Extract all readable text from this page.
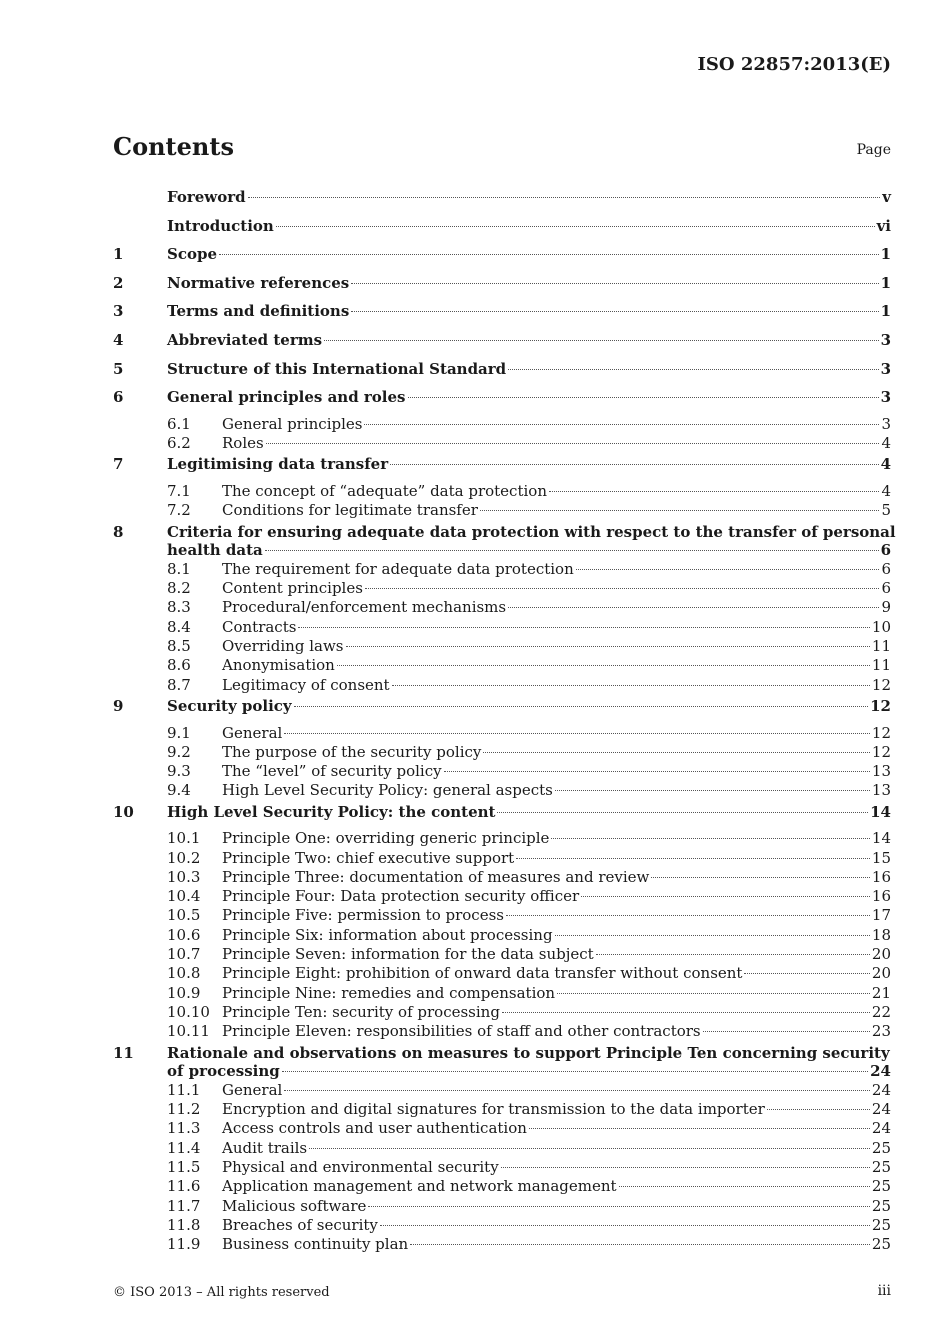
ISO 22857:2013(E)
Contents	Page
Foreword	v
Introduction	vi
1	Scope	1
2	Normative references	1
3	Terms and definitions	1
4	Abbreviated terms	3
5	Structure of this International Standard	3
6	General principles and roles	3
6.1	General principles	3
6.2	Roles	4
7	Legitimising data transfer	4
7.1	The concept of “adequate” data protection	4
7.2	Conditions for legitimate transfer	5
8	Criteria for ensuring adequate data protection with respect to the transfer of personal
health data	6
8.1	The requirement for adequate data protection	6
8.2	Content principles	6
8.3	Procedural/enforcement mechanisms	9
8.4	Contracts	10
8.5	Overriding laws	11
8.6	Anonymisation	11
8.7	Legitimacy of consent	12
9	Security policy	12
9.1	General	12
9.2	The purpose of the security policy	12
9.3	The “level” of security policy	13
9.4	High Level Security Policy: general aspects	13
10	High Level Security Policy: the content	14
10.1	Principle One: overriding generic principle	14
10.2	Principle Two: chief executive support	15
10.3	Principle Three: documentation of measures and review	16
10.4	Principle Four: Data protection security officer	16
10.5	Principle Five: permission to process	17
10.6	Principle Six: information about processing	18
10.7	Principle Seven: information for the data subject	20
10.8	Principle Eight: prohibition of onward data transfer without consent	20
10.9	Principle Nine: remedies and compensation	21
10.10 Principle Ten: security of processing	22
10.11 Principle Eleven: responsibilities of staff and other contractors	23
11	Rationale and observations on measures to support Principle Ten concerning security
of processing	24
11.1	General	24
11.2	Encryption and digital signatures for transmission to the data importer	24
11.3	Access controls and user authentication	24
11.4	Audit trails	25
11.5	Physical and environmental security	25
11.6	Application management and network management	25
11.7	Malicious software	25
11.8	Breaches of security	25
11.9	Business continuity plan	25
© ISO 2013 – All rights reserved	iii
